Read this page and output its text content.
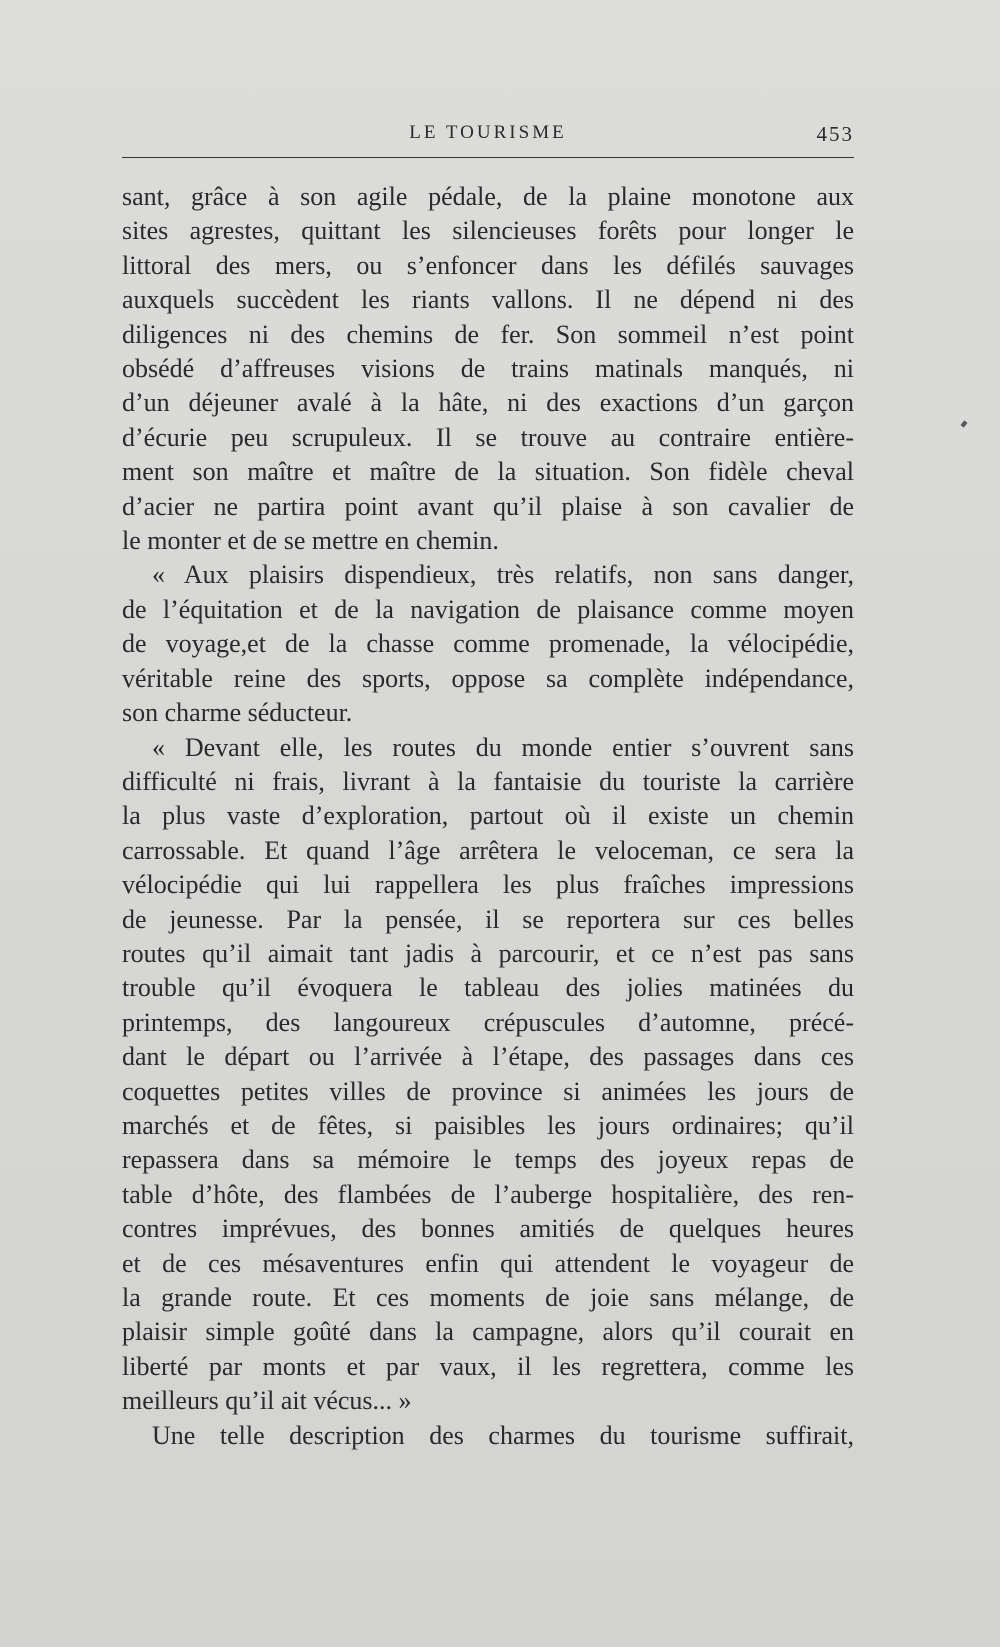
LE TOURISME	453
sant, grâce à son agile pédale, de la plaine monotone aux
sites agrestes, quittant les silencieuses forêts pour longer le
littoral des mers, ou s’enfoncer dans les défilés sauvages
auxquels succèdent les riants vallons. Il ne dépend ni des
diligences ni des chemins de fer. Son sommeil n’est point
obsédé d’affreuses visions de trains matinals manqués, ni
d’un déjeuner avalé à la hâte, ni des exactions d’un garçon
d’écurie peu scrupuleux. Il se trouve au contraire entière-
ment son maître et maître de la situation. Son fidèle cheval
d’acier ne partira point avant qu’il plaise à son cavalier de
le monter et de se mettre en chemin.
« Aux plaisirs dispendieux, très relatifs, non sans danger,
de l’équitation et de la navigation de plaisance comme moyen
de voyage,et de la chasse comme promenade, la vélocipédie,
véritable reine des sports, oppose sa complète indépendance,
son charme séducteur.
« Devant elle, les routes du monde entier s’ouvrent sans
difficulté ni frais, livrant à la fantaisie du touriste la carrière
la plus vaste d’exploration, partout où il existe un chemin
carrossable. Et quand l’âge arrêtera le veloceman, ce sera la
vélocipédie qui lui rappellera les plus fraîches impressions
de jeunesse. Par la pensée, il se reportera sur ces belles
routes qu’il aimait tant jadis à parcourir, et ce n’est pas sans
trouble qu’il évoquera le tableau des jolies matinées du
printemps, des langoureux crépuscules d’automne, précé-
dant le départ ou l’arrivée à l’étape, des passages dans ces
coquettes petites villes de province si animées les jours de
marchés et de fêtes, si paisibles les jours ordinaires; qu’il
repassera dans sa mémoire le temps des joyeux repas de
table d’hôte, des flambées de l’auberge hospitalière, des ren-
contres imprévues, des bonnes amitiés de quelques heures
et de ces mésaventures enfin qui attendent le voyageur de
la grande route. Et ces moments de joie sans mélange, de
plaisir simple goûté dans la campagne, alors qu’il courait en
liberté par monts et par vaux, il les regrettera, comme les
meilleurs qu’il ait vécus... »
Une telle description des charmes du tourisme suffirait,
